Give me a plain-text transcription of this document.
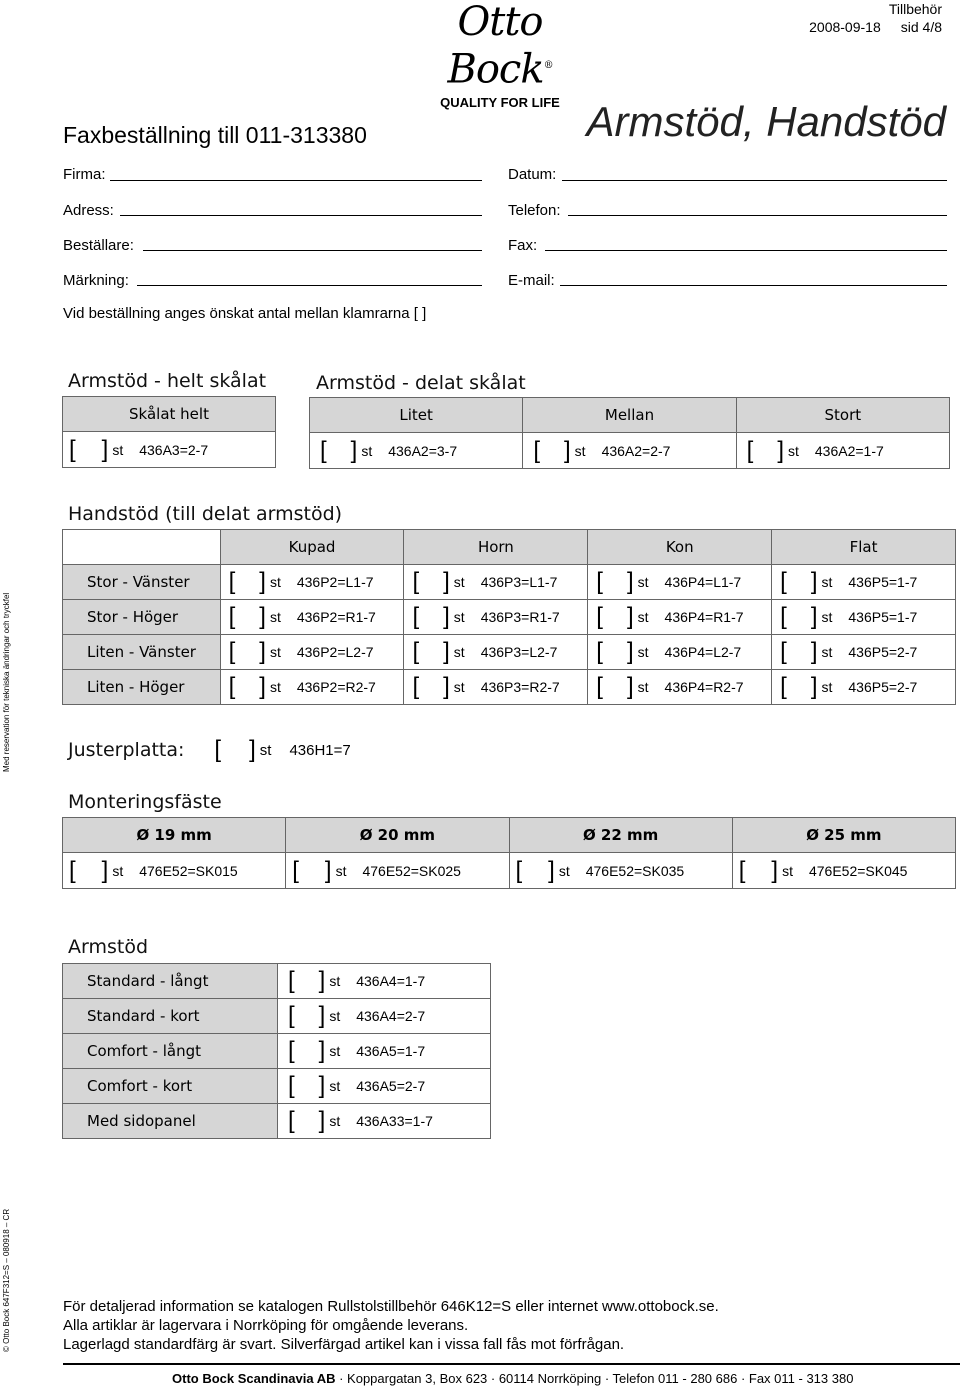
Otto Bock®
QUALITY FOR LIFE
Tillbehör
2008-09-18 sid 4/8
Faxbeställning till 011-313380	Armstöd, Handstöd
Firma:
Adress:
Beställare:
Märkning:
Datum:
Telefon:
Fax:
E-mail:
Vid beställning anges önskat antal mellan klamrarna [ ]
Armstöd - helt skålat
Skålat helt

[ ] st 436A3=2-7
Armstöd - delat skålat
Litet	Mellan	Stort

[ ] st 436A2=3-7	[ ] st 436A2=2-7	[ ] st 436A2=1-7
Handstöd (till delat armstöd)
	Kupad	Horn	Kon	Flat
Stor - Vänster	[ ] st 436P2=L1-7	[ ] st 436P3=L1-7	[ ] st 436P4=L1-7	[ ] st 436P5=1-7

Stor - Höger	[ ] st 436P2=R1-7	[ ] st 436P3=R1-7	[ ] st 436P4=R1-7	[ ] st 436P5=1-7

Liten - Vänster	[ ] st 436P2=L2-7	[ ] st 436P3=L2-7	[ ] st 436P4=L2-7	[ ] st 436P5=2-7

Liten - Höger	[ ] st 436P2=R2-7	[ ] st 436P3=R2-7	[ ] st 436P4=R2-7	[ ] st 436P5=2-7
Justerplatta: [ ] st 436H1=7
Monteringsfäste
Ø 19 mm	Ø 20 mm	Ø 22 mm	Ø 25 mm

[ ] st 476E52=SK015	[ ] st 476E52=SK025	[ ] st 476E52=SK035	[ ] st 476E52=SK045
Armstöd
Standard - långt	[ ] st 436A4=1-7

Standard - kort	[ ] st 436A4=2-7

Comfort - långt	[ ] st 436A5=1-7

Comfort - kort	[ ] st 436A5=2-7

Med sidopanel	[ ] st 436A33=1-7
Med reservation för tekniska ändringar och tryckfel
© Otto Bock 647F312=S – 080918 – CR	För detaljerad information se katalogen Rullstolstillbehör 646K12=S eller internet www.ottobock.se.
Alla artiklar är lagervara i Norrköping för omgående leverans.
Lagerlagd standardfärg är svart. Silverfärgad artikel kan i vissa fall fås mot förfrågan.
Otto Bock Scandinavia AB · Koppargatan 3, Box 623 · 60114 Norrköping · Telefon 011 - 280 686 · Fax 011 - 313 380
